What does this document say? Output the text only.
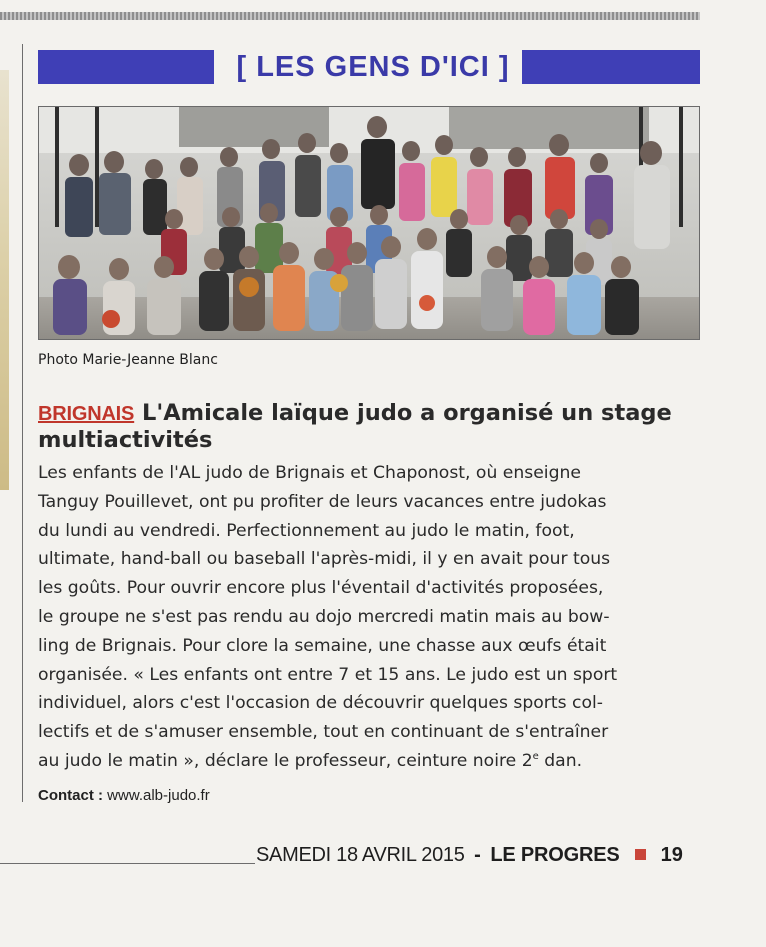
[ LES GENS D'ICI ]
Photo Marie-Jeanne Blanc
BRIGNAIS L'Amicale laïque judo a organisé un stage multiactivités
Les enfants de l'AL judo de Brignais et Chaponost, où enseigne
Tanguy Pouillevet, ont pu profiter de leurs vacances entre judokas
du lundi au vendredi. Perfectionnement au judo le matin, foot,
ultimate, hand-ball ou baseball l'après-midi, il y en avait pour tous
les goûts. Pour ouvrir encore plus l'éventail d'activités proposées,
le groupe ne s'est pas rendu au dojo mercredi matin mais au bow-
ling de Brignais. Pour clore la semaine, une chasse aux œufs était
organisée. « Les enfants ont entre 7 et 15 ans. Le judo est un sport
individuel, alors c'est l'occasion de découvrir quelques sports col-
lectifs et de s'amuser ensemble, tout en continuant de s'entraîner
au judo le matin », déclare le professeur, ceinture noire 2e dan.
Contact : www.alb-judo.fr
SAMEDI 18 AVRIL 2015 - LE PROGRES 19
